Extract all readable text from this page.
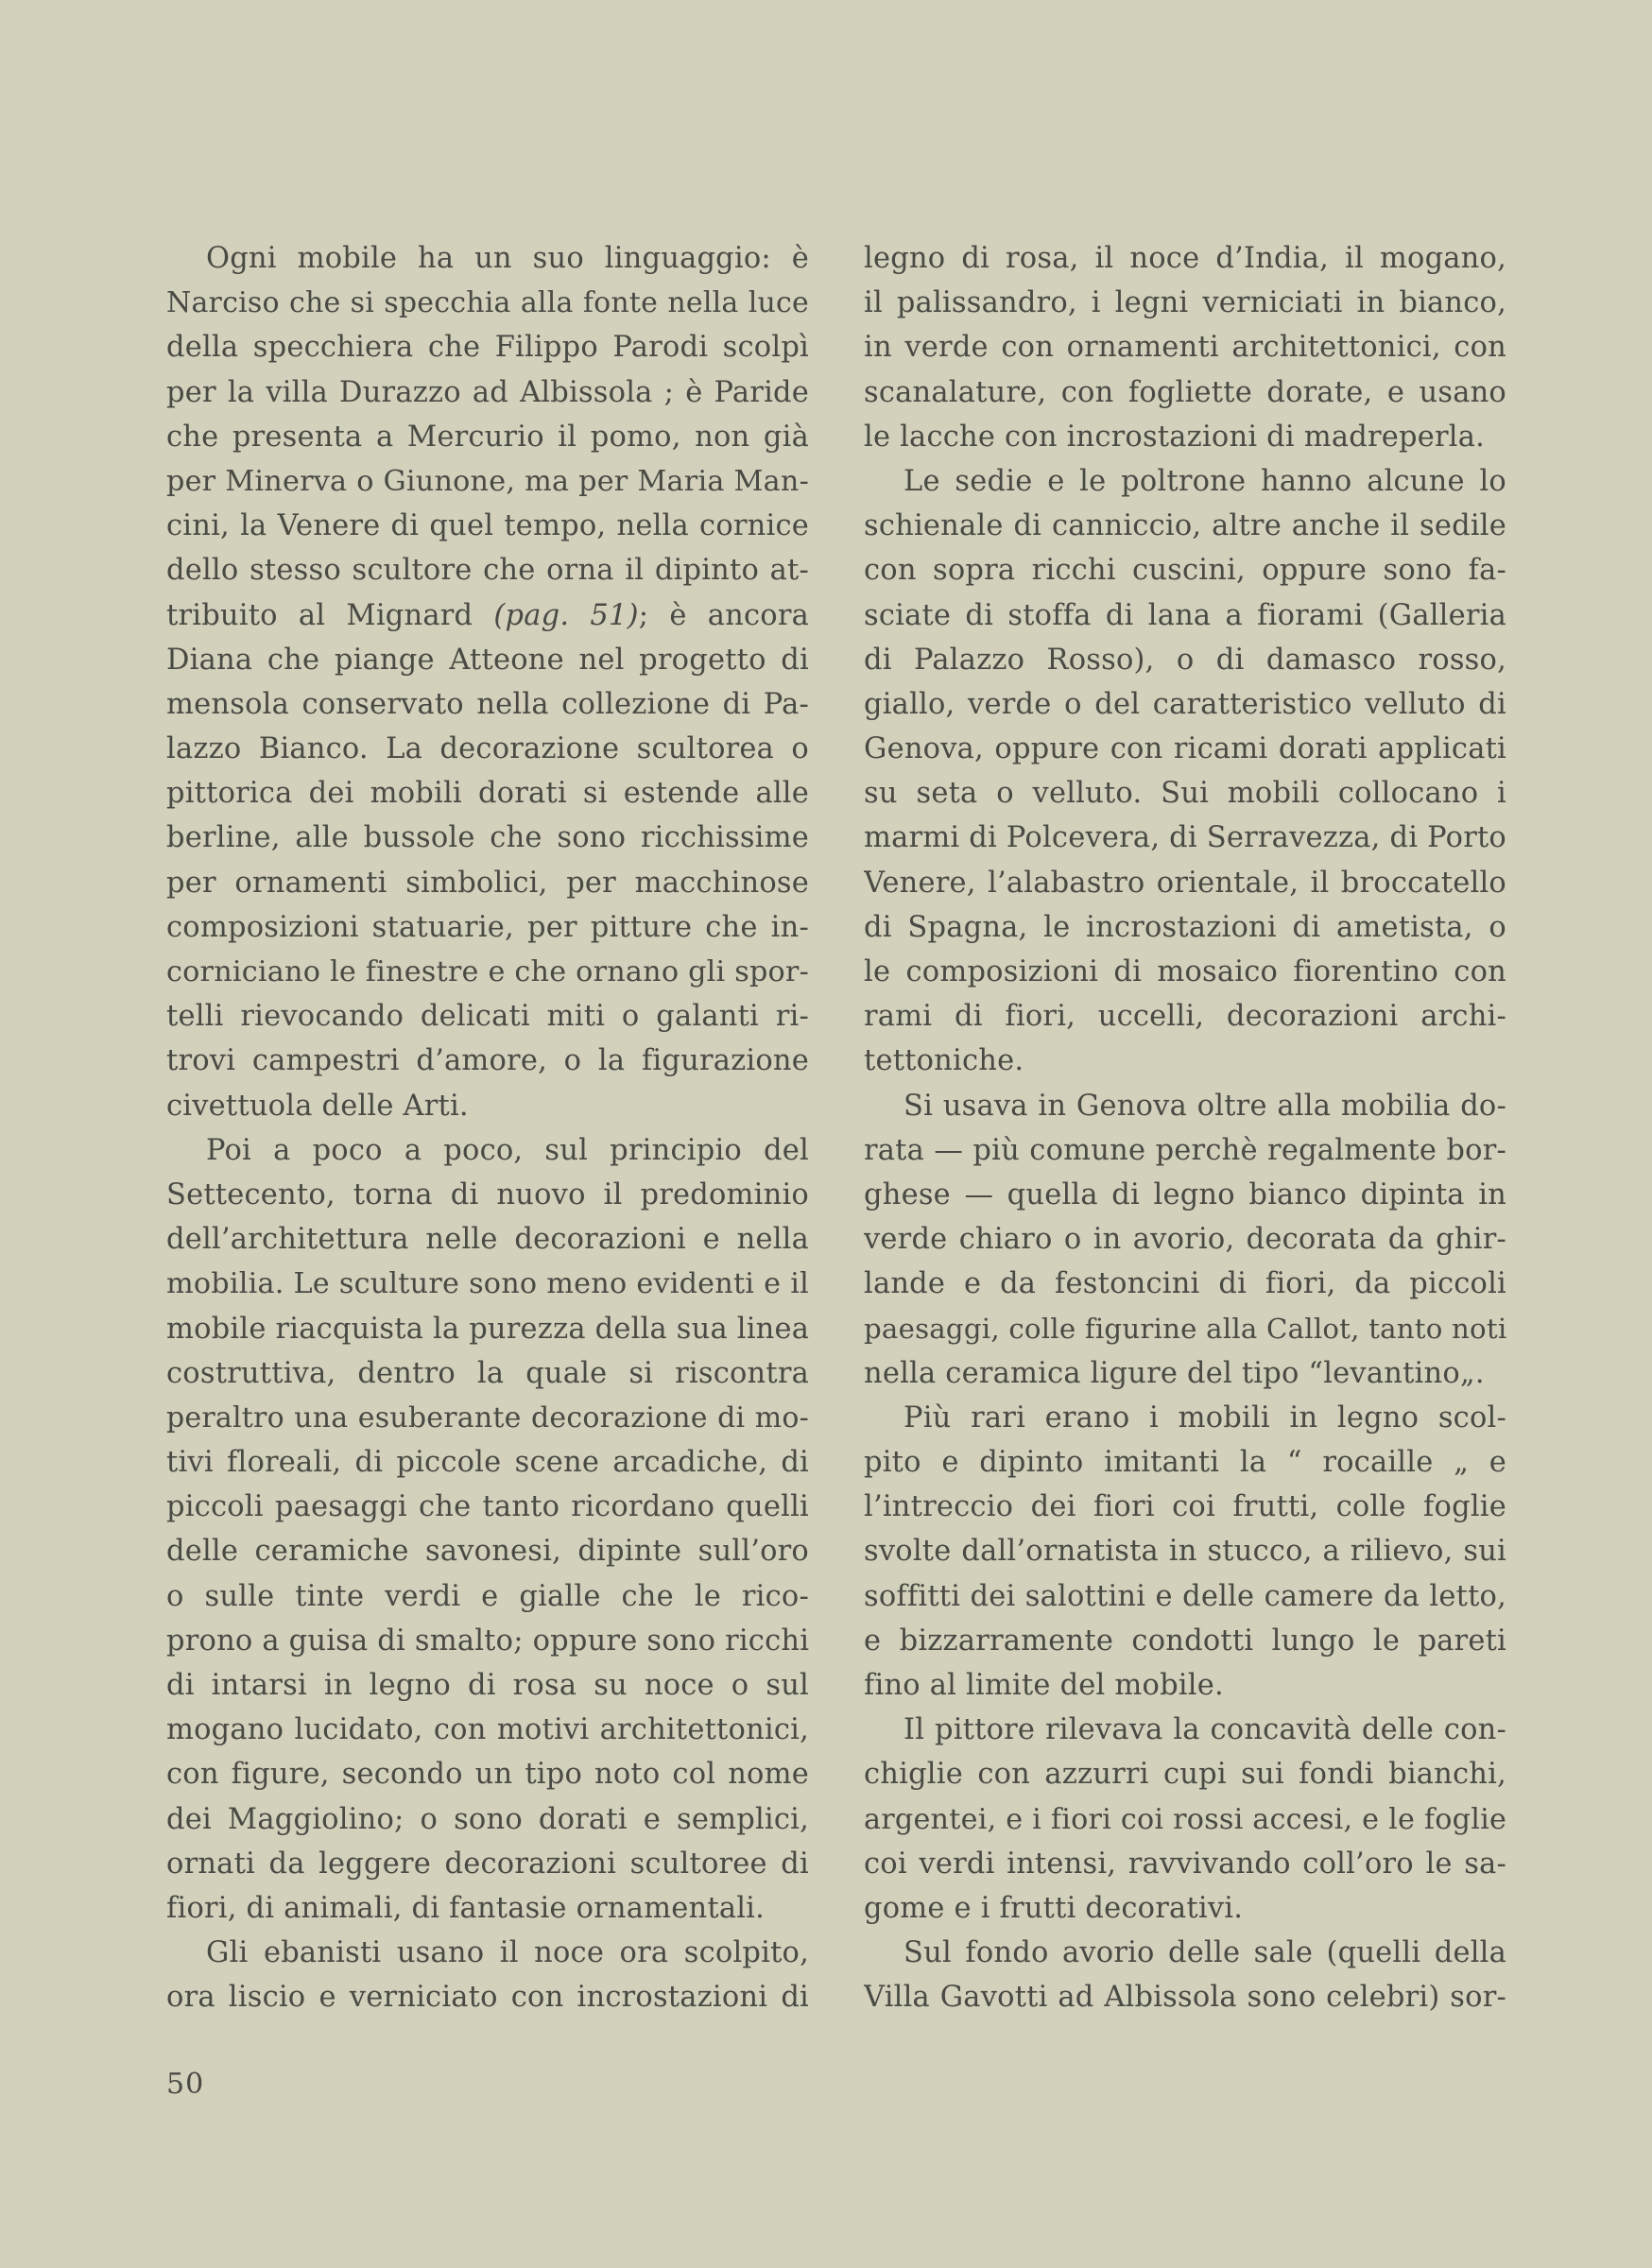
Ogni mobile ha un suo linguaggio: è
Narciso che si specchia alla fonte nella luce
della specchiera che Filippo Parodi scolpì
per la villa Durazzo ad Albissola ; è Paride
che presenta a Mercurio il pomo, non già
per Minerva o Giunone, ma per Maria Man-
cini, la Venere di quel tempo, nella cornice
dello stesso scultore che orna il dipinto at-
tribuito al Mignard (pag. 51); è ancora
Diana che piange Atteone nel progetto di
mensola conservato nella collezione di Pa-
lazzo Bianco. La decorazione scultorea o
pittorica dei mobili dorati si estende alle
berline, alle bussole che sono ricchissime
per ornamenti simbolici, per macchinose
composizioni statuarie, per pitture che in-
corniciano le finestre e che ornano gli spor-
telli rievocando delicati miti o galanti ri-
trovi campestri d’amore, o la figurazione
civettuola delle Arti.
Poi a poco a poco, sul principio del
Settecento, torna di nuovo il predominio
dell’architettura nelle decorazioni e nella
mobilia. Le sculture sono meno evidenti e il
mobile riacquista la purezza della sua linea
costruttiva, dentro la quale si riscontra
peraltro una esuberante decorazione di mo-
tivi floreali, di piccole scene arcadiche, di
piccoli paesaggi che tanto ricordano quelli
delle ceramiche savonesi, dipinte sull’oro
o sulle tinte verdi e gialle che le rico-
prono a guisa di smalto; oppure sono ricchi
di intarsi in legno di rosa su noce o sul
mogano lucidato, con motivi architettonici,
con figure, secondo un tipo noto col nome
dei Maggiolino; o sono dorati e semplici,
ornati da leggere decorazioni scultoree di
fiori, di animali, di fantasie ornamentali.
Gli ebanisti usano il noce ora scolpito,
ora liscio e verniciato con incrostazioni di
legno di rosa, il noce d’India, il mogano,
il palissandro, i legni verniciati in bianco,
in verde con ornamenti architettonici, con
scanalature, con fogliette dorate, e usano
le lacche con incrostazioni di madreperla.
Le sedie e le poltrone hanno alcune lo
schienale di canniccio, altre anche il sedile
con sopra ricchi cuscini, oppure sono fa-
sciate di stoffa di lana a fiorami (Galleria
di Palazzo Rosso), o di damasco rosso,
giallo, verde o del caratteristico velluto di
Genova, oppure con ricami dorati applicati
su seta o velluto. Sui mobili collocano i
marmi di Polcevera, di Serravezza, di Porto
Venere, l’alabastro orientale, il broccatello
di Spagna, le incrostazioni di ametista, o
le composizioni di mosaico fiorentino con
rami di fiori, uccelli, decorazioni archi-
tettoniche.
Si usava in Genova oltre alla mobilia do-
rata — più comune perchè regalmente bor-
ghese — quella di legno bianco dipinta in
verde chiaro o in avorio, decorata da ghir-
lande e da festoncini di fiori, da piccoli
paesaggi, colle figurine alla Callot, tanto noti
nella ceramica ligure del tipo “levantino„.
Più rari erano i mobili in legno scol-
pito e dipinto imitanti la “ rocaille „ e
l’intreccio dei fiori coi frutti, colle foglie
svolte dall’ornatista in stucco, a rilievo, sui
soffitti dei salottini e delle camere da letto,
e bizzarramente condotti lungo le pareti
fino al limite del mobile.
Il pittore rilevava la concavità delle con-
chiglie con azzurri cupi sui fondi bianchi,
argentei, e i fiori coi rossi accesi, e le foglie
coi verdi intensi, ravvivando coll’oro le sa-
gome e i frutti decorativi.
Sul fondo avorio delle sale (quelli della
Villa Gavotti ad Albissola sono celebri) sor-
50
